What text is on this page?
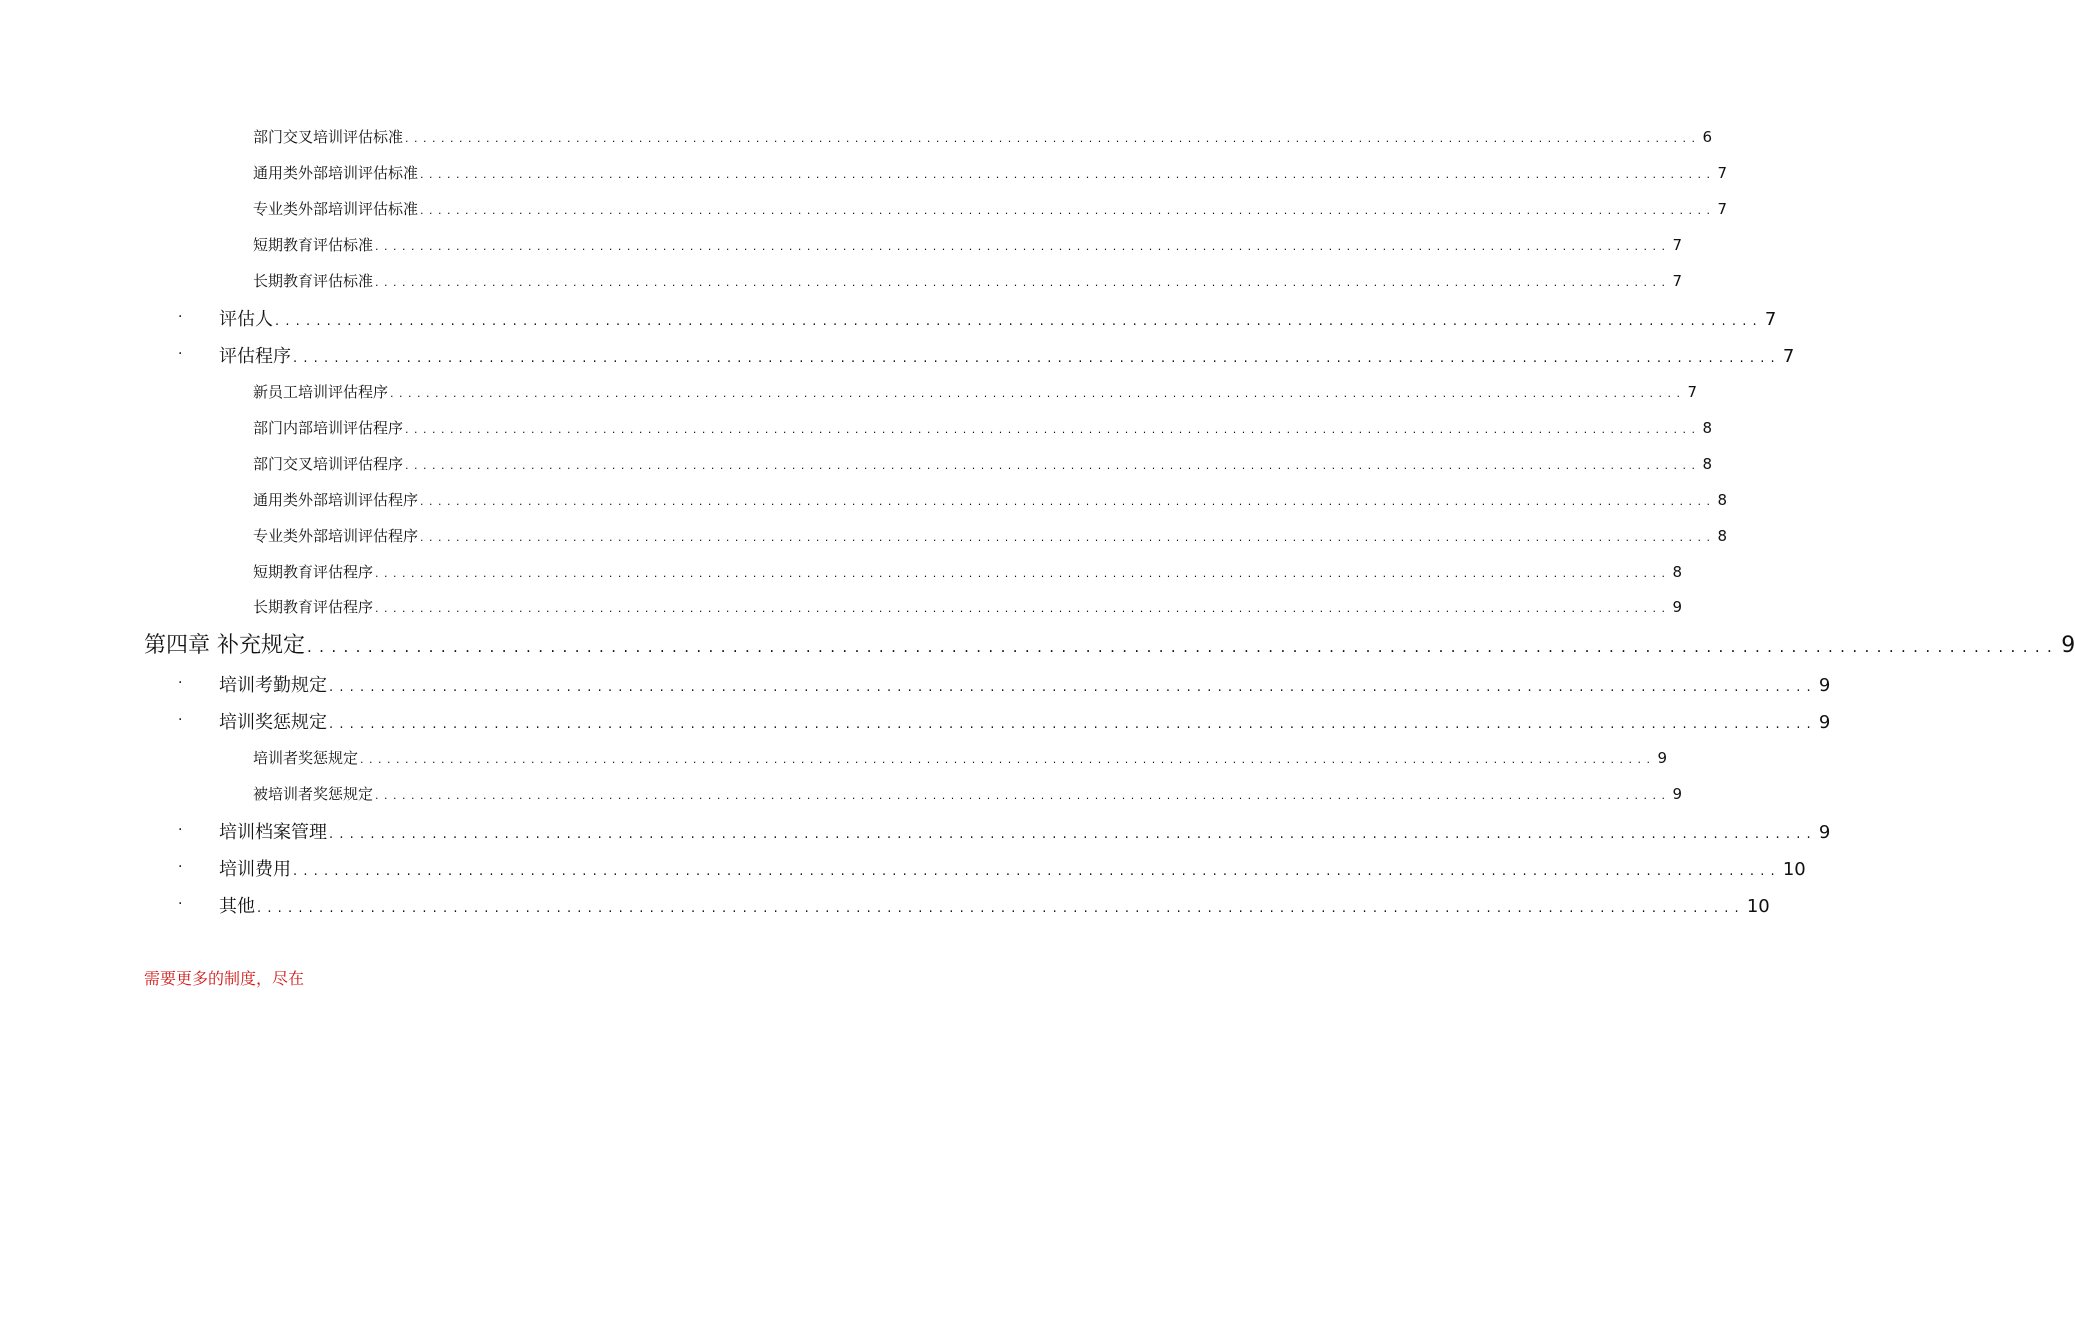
部门交叉培训评估标准 ................................................................................................................................................ 6
通用类外部培训评估标准 ................................................................................................................................................ 7
专业类外部培训评估标准 ................................................................................................................................................ 7
短期教育评估标准 ................................................................................................................................................ 7
长期教育评估标准 ................................................................................................................................................ 7
. 评估人 ................................................................................................................................................ 7
. 评估程序 ................................................................................................................................................ 7
新员工培训评估程序 ................................................................................................................................................ 7
部门内部培训评估程序 ................................................................................................................................................ 8
部门交叉培训评估程序 ................................................................................................................................................ 8
通用类外部培训评估程序 ................................................................................................................................................ 8
专业类外部培训评估程序 ................................................................................................................................................ 8
短期教育评估程序 ................................................................................................................................................ 8
长期教育评估程序 ................................................................................................................................................ 9
第四章 补充规定 ................................................................................................................................................ 9
. 培训考勤规定 ................................................................................................................................................ 9
. 培训奖惩规定 ................................................................................................................................................ 9
培训者奖惩规定 ................................................................................................................................................ 9
被培训者奖惩规定 ................................................................................................................................................ 9
. 培训档案管理 ................................................................................................................................................ 9
. 培训费用 ................................................................................................................................................ 10
. 其他 ................................................................................................................................................ 10
需要更多的制度，尽在
